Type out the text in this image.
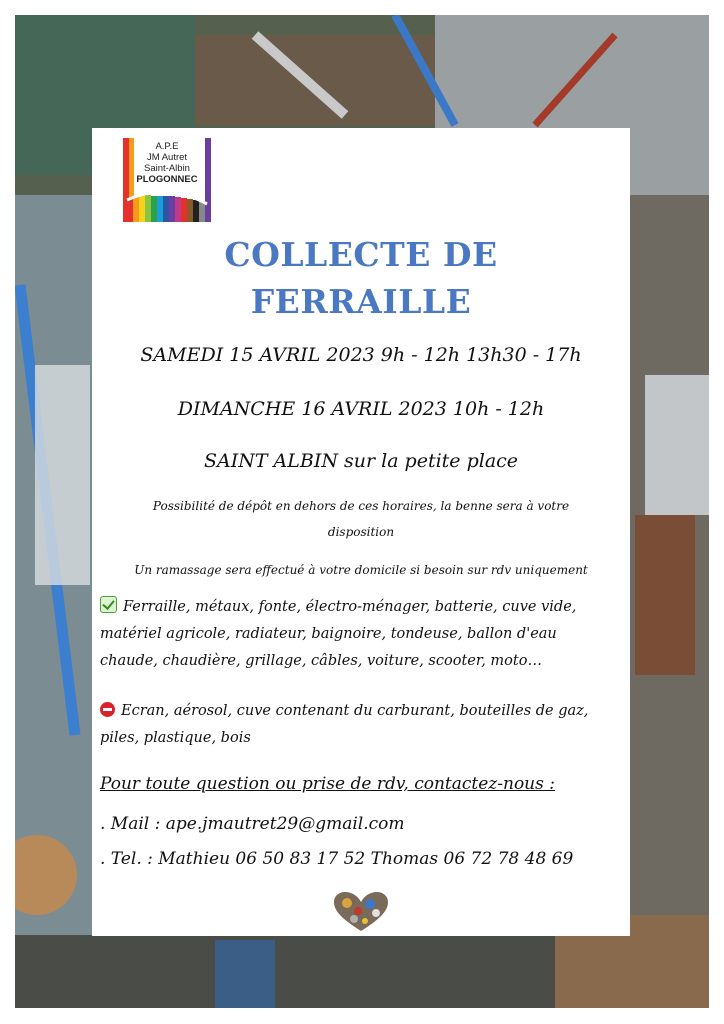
A.P.E
JM Autret
Saint-Albin
PLOGONNEC
COLLECTE DE
FERRAILLE
SAMEDI 15 AVRIL 2023 9h - 12h 13h30 - 17h
DIMANCHE 16 AVRIL 2023 10h - 12h
SAINT ALBIN sur la petite place
Possibilité de dépôt en dehors de ces horaires, la benne sera à votre
disposition
Un ramassage sera effectué à votre domicile si besoin sur rdv uniquement
Ferraille, métaux, fonte, électro-ménager, batterie, cuve vide,
matériel agricole, radiateur, baignoire, tondeuse, ballon d'eau
chaude, chaudière, grillage, câbles, voiture, scooter, moto…
Ecran, aérosol, cuve contenant du carburant, bouteilles de gaz,
piles, plastique, bois
Pour toute question ou prise de rdv, contactez-nous :
. Mail : ape.jmautret29@gmail.com
. Tel. : Mathieu 06 50 83 17 52 Thomas 06 72 78 48 69
